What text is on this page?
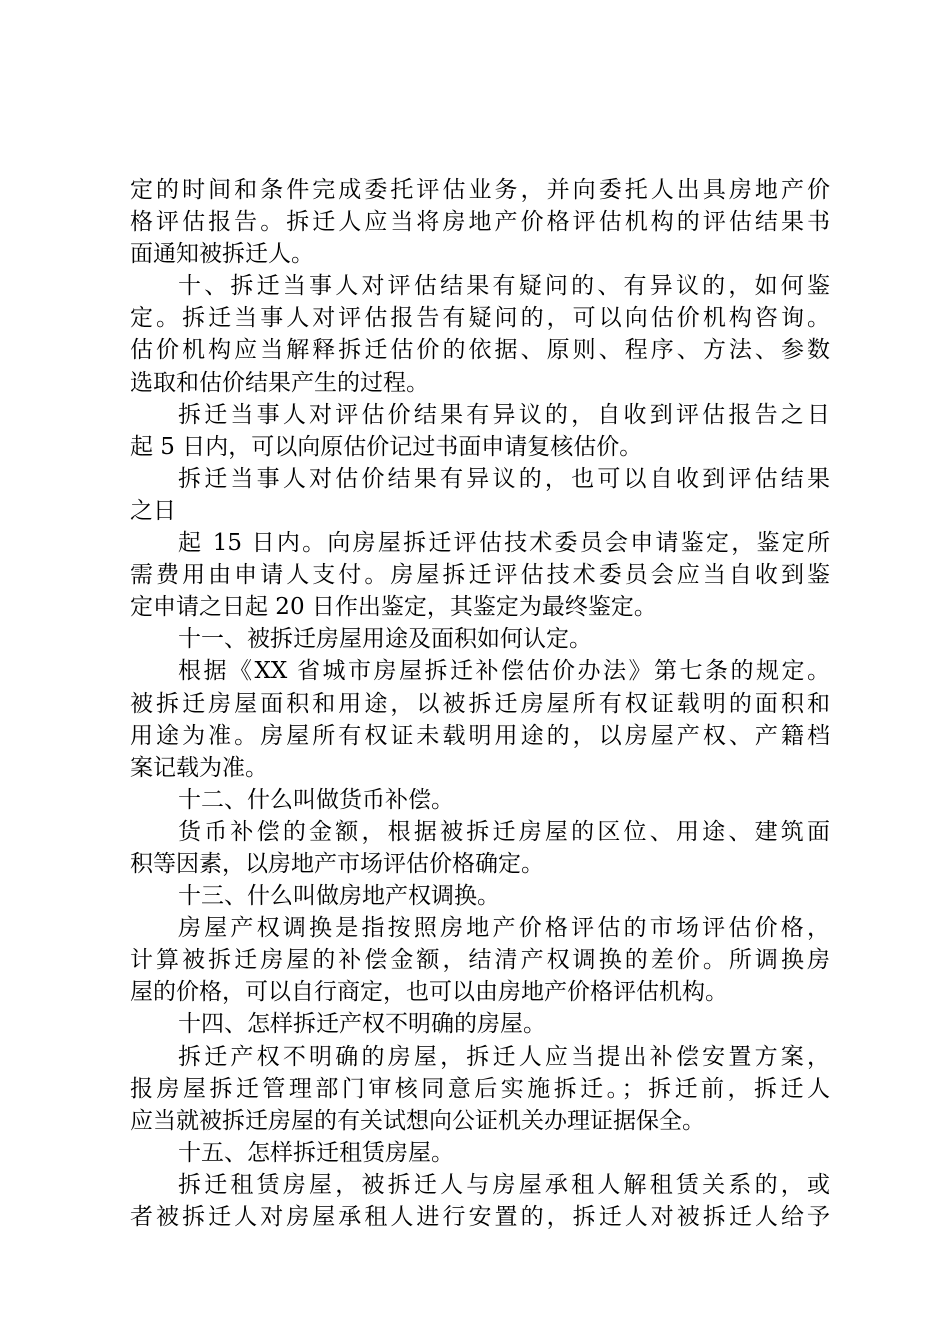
定的时间和条件完成委托评估业务，并向委托人出具房地产价
格评估报告。拆迁人应当将房地产价格评估机构的评估结果书
面通知被拆迁人。
十、拆迁当事人对评估结果有疑问的、有异议的，如何鉴
定。拆迁当事人对评估报告有疑问的，可以向估价机构咨询。
估价机构应当解释拆迁估价的依据、原则、程序、方法、参数
选取和估价结果产生的过程。
拆迁当事人对评估价结果有异议的，自收到评估报告之日
起 5 日内，可以向原估价记过书面申请复核估价。
拆迁当事人对估价结果有异议的，也可以自收到评估结果
之日
起 15 日内。向房屋拆迁评估技术委员会申请鉴定，鉴定所
需费用由申请人支付。房屋拆迁评估技术委员会应当自收到鉴
定申请之日起 20 日作出鉴定，其鉴定为最终鉴定。
十一、被拆迁房屋用途及面积如何认定。
根据《XX 省城市房屋拆迁补偿估价办法》第七条的规定。
被拆迁房屋面积和用途，以被拆迁房屋所有权证载明的面积和
用途为准。房屋所有权证未载明用途的，以房屋产权、产籍档
案记载为准。
十二、什么叫做货币补偿。
货币补偿的金额，根据被拆迁房屋的区位、用途、建筑面
积等因素，以房地产市场评估价格确定。
十三、什么叫做房地产权调换。
房屋产权调换是指按照房地产价格评估的市场评估价格，
计算被拆迁房屋的补偿金额，结清产权调换的差价。所调换房
屋的价格，可以自行商定，也可以由房地产价格评估机构。
十四、怎样拆迁产权不明确的房屋。
拆迁产权不明确的房屋，拆迁人应当提出补偿安置方案，
报房屋拆迁管理部门审核同意后实施拆迁。；拆迁前，拆迁人
应当就被拆迁房屋的有关试想向公证机关办理证据保全。
十五、怎样拆迁租赁房屋。
拆迁租赁房屋，被拆迁人与房屋承租人解租赁关系的，或
者被拆迁人对房屋承租人进行安置的，拆迁人对被拆迁人给予
